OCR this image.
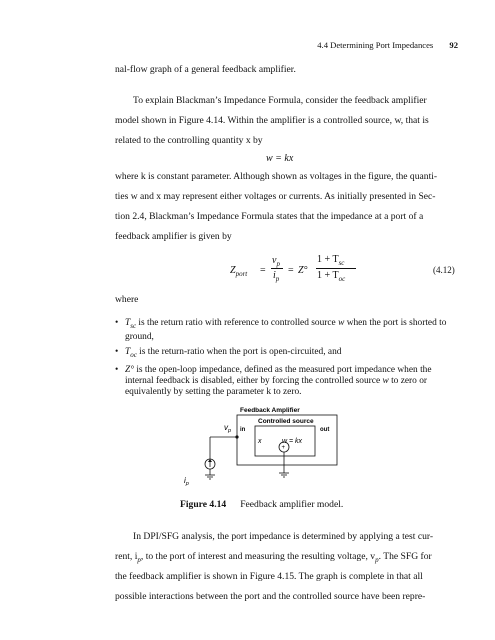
4.4 Determining Port Impedances 92
nal-flow graph of a general feedback amplifier.
To explain Blackman’s Impedance Formula, consider the feedback amplifier
model shown in Figure 4.14. Within the amplifier is a controlled source, w, that is
related to the controlling quantity x by
w = kx
where k is constant parameter. Although shown as voltages in the figure, the quanti-
ties w and x may represent either voltages or currents. As initially presented in Sec-
tion 2.4, Blackman’s Impedance Formula states that the impedance at a port of a
feedback amplifier is given by
$Z_{port}$ =
$v_p$
$i_p$
= Z°
$1 + T_{sc}$
$1 + T_{oc}$
(4.12)
where
• $T_{sc}$ is the return ratio with reference to controlled source w when the port is shorted to ground,
• $T_{oc}$ is the return-ratio when the port is open-circuited, and
• Z° is the open-loop impedance, defined as the measured port impedance when the internal feedback is disabled, either by forcing the controlled source w to zero or equivalently by setting the parameter k to zero.
Feedback Amplifier
Controlled source
in	out
x	w = kx
+
$v_p$
$i_p$
Figure 4.14 Feedback amplifier model.
In DPI/SFG analysis, the port impedance is determined by applying a test cur-
rent, $i_p$, to the port of interest and measuring the resulting voltage, $v_p$. The SFG for
the feedback amplifier is shown in Figure 4.15. The graph is complete in that all
possible interactions between the port and the controlled source have been repre-
